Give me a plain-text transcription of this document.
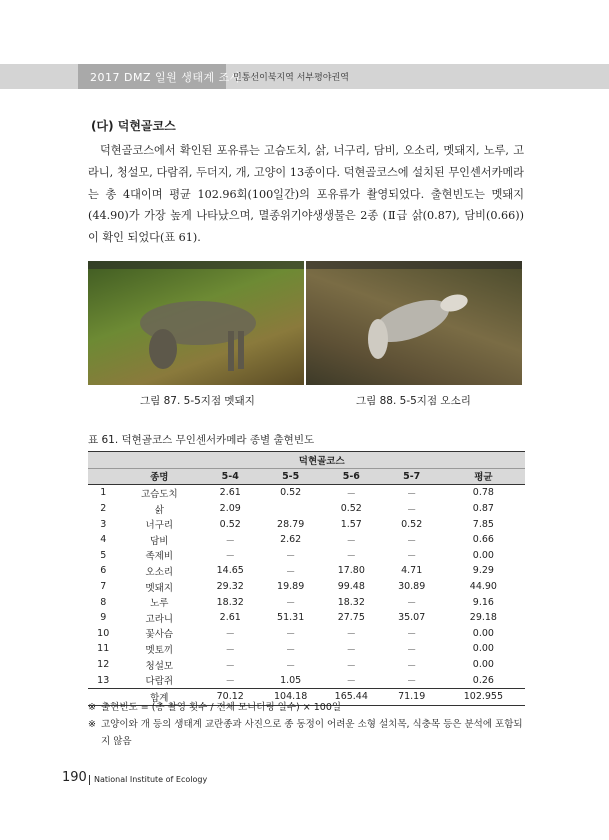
2017 DMZ 일원 생태계 조사
민통선이북지역 서부평야권역
(다) 덕현골코스

덕현골코스에서 확인된 포유류는 고슴도치, 삵, 너구리, 담비, 오소리, 멧돼지, 노루, 고라니, 청설모, 다람쥐, 두더지, 개, 고양이 13종이다. 덕현골코스에 설치된 무인센서카메라는 총 4대이며 평균 102.96회(100일간)의 포유류가 촬영되었다. 출현빈도는 멧돼지(44.90)가 가장 높게 나타났으며, 멸종위기야생생물은 2종 (Ⅱ급 삵(0.87), 담비(0.66))이 확인 되었다(표 61).

그림 87. 5-5지점 멧돼지	그림 88. 5-5지점 오소리
표 61. 덕현골코스 무인센서카메라 종별 출현빈도
	덕현골코스					
	종명	5-4	5-5	5-6	5-7	평균
1	고슴도치	2.61	0.52	－	－	0.78
2	삵	2.09		0.52	－	0.87
3	너구리	0.52	28.79	1.57	0.52	7.85
4	담비	－	2.62	－	－	0.66
5	족제비	－	－	－	－	0.00
6	오소리	14.65	－	17.80	4.71	9.29
7	멧돼지	29.32	19.89	99.48	30.89	44.90
8	노루	18.32	－	18.32	－	9.16
9	고라니	2.61	51.31	27.75	35.07	29.18
10	꽃사슴	－	－	－	－	0.00
11	멧토끼	－	－	－	－	0.00
12	청설모	－	－	－	－	0.00
13	다람쥐	－	1.05	－	－	0.26
	합계	70.12	104.18	165.44	71.19	102.955
※ 출현빈도 = (총 촬영 횟수 / 전체 모니터링 일수) × 100일
※ 고양이와 개 등의 생태계 교란종과 사진으로 종 동정이 어려운 소형 설치목, 식충목 등은 분석에 포함되지 않음
190 National Institute of Ecology
